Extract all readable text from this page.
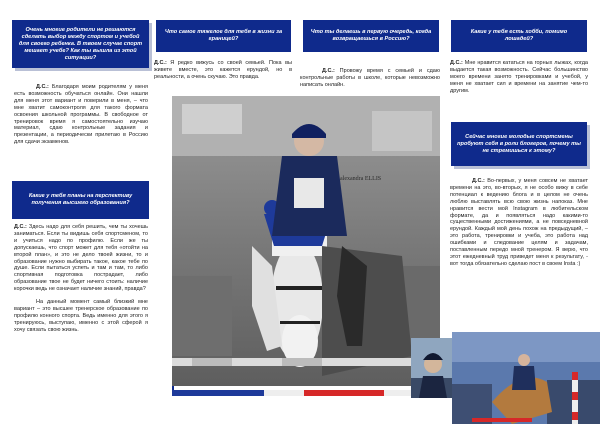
Очень многие родители не решаются сделать выбор между спортом и учебой для своего ребенка. В твоем случае спорт мешает учебе? Как ты вышла из этой ситуации?

Д.С.: Благодаря моим родителям у меня есть возможность обучаться онлайн. Они нашли для меня этот вариант и поверили в меня, – что мне хватит самоконтроля для такого формата освоения школьной программы. В свободное от тренировок время я самостоятельно изучаю материал, сдаю контрольные задания и презентации, а периодически прилетаю в Россию для сдачи экзаменов.

Какие у тебя планы на перспективу получения высшего образования?

Д.С.: Здесь надо для себя решить, чем ты хочешь заниматься. Если ты видишь себя спортсменом, то и учиться надо по профилю. Если же ты допускаешь, что спорт может для тебя «отойти на второй план», и это не дело твоей жизни, то и образование нужно выбирать такое, какое тебе по душе. Если пытаться успеть и там и там, то либо спортивная подготовка пострадает, либо образование твое не будет ничего стоить: наличие корочки ведь не означает наличие знаний, правда?

На данный момент самый близкий мне вариант – это высшее тренерское образование по профилю конного спорта. Ведь именно для этого я тренируюсь, выступаю, именно с этой сферой я хочу связать свою жизнь.

Что самое тяжелое для тебя в жизни за границей?

Д.С.: Я редко вижусь со своей семьей. Пока вы живете вместе, это кажется ерундой, но в реальности, а очень скучаю. Это правда.

Что ты делаешь в первую очередь, когда возвращаешься в Россию?

Д.С.: Провожу время с семьей и сдаю контрольные работы в школе, которые невозможно написать онлайн.

Какие у тебя есть хобби, помимо лошадей?

Д.С.: Мне нравится кататься на горных лыжах, когда выдается такая возможность. Сейчас большинство моего времени занято тренировками и учебой, у меня не хватает сил и времени на занятие чем-то другим.

Сейчас многие молодые спортсмены пробуют себя в роли блогеров, почему ты не стремишься к этому?

Д.С.: Во-первых, у меня совсем не хватает времени на это, во-вторых, я не особо вижу в себе потенциал к ведению блога и в целом не очень люблю выставлять всю свою жизнь напоказ. Мне нравится вести мой Instagram в любительском формате, да и появляться надо какими-то существенными достижениями, а не повседневной ерундой. Каждый мой день похож на предыдущий, – это работа, тренировки и учеба, это работа над ошибками и следование целям и задачам, поставленным передо мной тренером. Я верю, что этот ежедневный труд приведет меня к результату, - вот тогда обязательно сделаю пост в своем Insta :)

alexandra ELLIS
